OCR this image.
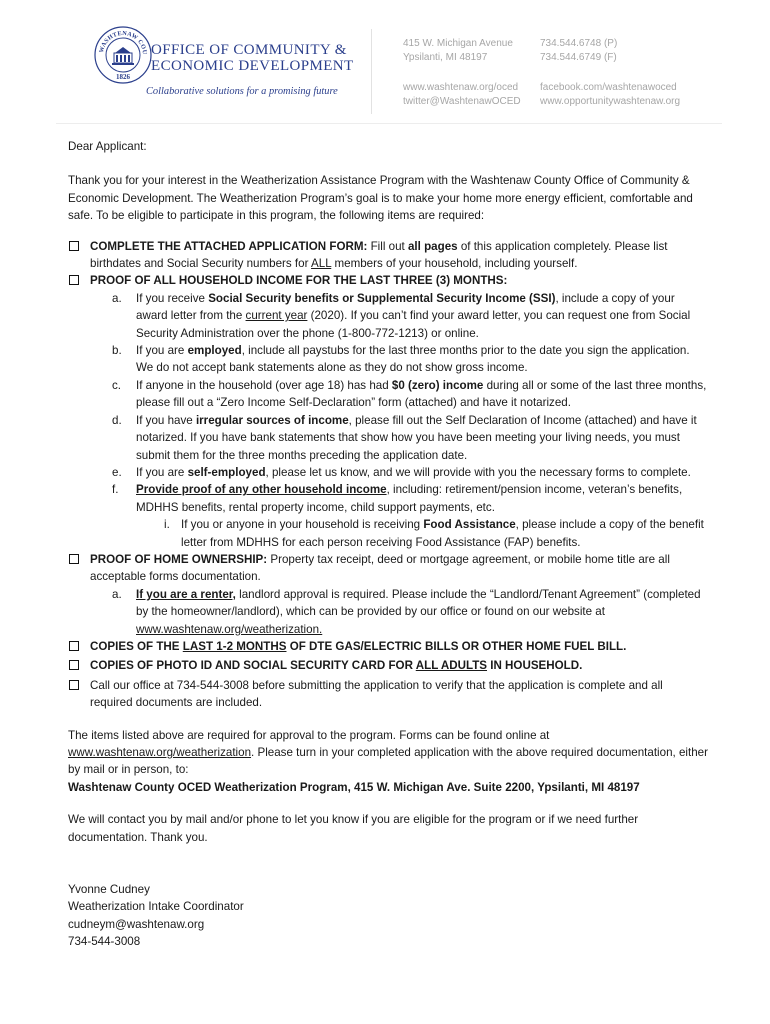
WASHTENAW COU
1826
OFFICE OF COMMUNITY &
ECONOMIC DEVELOPMENT
Collaborative solutions for a promising future
415 W. Michigan Avenue
Ypsilanti, MI 48197
734.544.6748 (P)
734.544.6749 (F)
www.washtenaw.org/oced
twitter@WashtenawOCED
facebook.com/washtenawoced
www.opportunitywashtenaw.org

Dear Applicant:

Thank you for your interest in the Weatherization Assistance Program with the Washtenaw County Office of Community & Economic Development. The Weatherization Program’s goal is to make your home more energy efficient, comfortable and safe. To be eligible to participate in this program, the following items are required:

COMPLETE THE ATTACHED APPLICATION FORM: Fill out all pages of this application completely. Please list birthdates and Social Security numbers for ALL members of your household, including yourself.
PROOF OF ALL HOUSEHOLD INCOME FOR THE LAST THREE (3) MONTHS:
a.	If you receive Social Security benefits or Supplemental Security Income (SSI), include a copy of your award letter from the current year (2020). If you can’t find your award letter, you can request one from Social Security Administration over the phone (1-800-772-1213) or online.
b.	If you are employed, include all paystubs for the last three months prior to the date you sign the application. We do not accept bank statements alone as they do not show gross income.
c.	If anyone in the household (over age 18) has had $0 (zero) income during all or some of the last three months, please fill out a “Zero Income Self-Declaration” form (attached) and have it notarized.
d.	If you have irregular sources of income, please fill out the Self Declaration of Income (attached) and have it notarized. If you have bank statements that show how you have been meeting your living needs, you must submit them for the three months preceding the application date.
e.	If you are self-employed, please let us know, and we will provide with you the necessary forms to complete.
f.	Provide proof of any other household income, including: retirement/pension income, veteran’s benefits, MDHHS benefits, rental property income, child support payments, etc.
i. If you or anyone in your household is receiving Food Assistance, please include a copy of the benefit letter from MDHHS for each person receiving Food Assistance (FAP) benefits.
PROOF OF HOME OWNERSHIP: Property tax receipt, deed or mortgage agreement, or mobile home title are all acceptable forms documentation.
a.	If you are a renter, landlord approval is required. Please include the “Landlord/Tenant Agreement” (completed by the homeowner/landlord), which can be provided by our office or found on our website at www.washtenaw.org/weatherization.
COPIES OF THE LAST 1-2 MONTHS OF DTE GAS/ELECTRIC BILLS OR OTHER HOME FUEL BILL.
COPIES OF PHOTO ID AND SOCIAL SECURITY CARD FOR ALL ADULTS IN HOUSEHOLD.
Call our office at 734-544-3008 before submitting the application to verify that the application is complete and all required documents are included.

The items listed above are required for approval to the program. Forms can be found online at www.washtenaw.org/weatherization. Please turn in your completed application with the above required documentation, either by mail or in person, to:
Washtenaw County OCED Weatherization Program, 415 W. Michigan Ave. Suite 2200, Ypsilanti, MI 48197

We will contact you by mail and/or phone to let you know if you are eligible for the program or if we need further documentation. Thank you.

Yvonne Cudney
Weatherization Intake Coordinator
cudneym@washtenaw.org
734-544-3008
